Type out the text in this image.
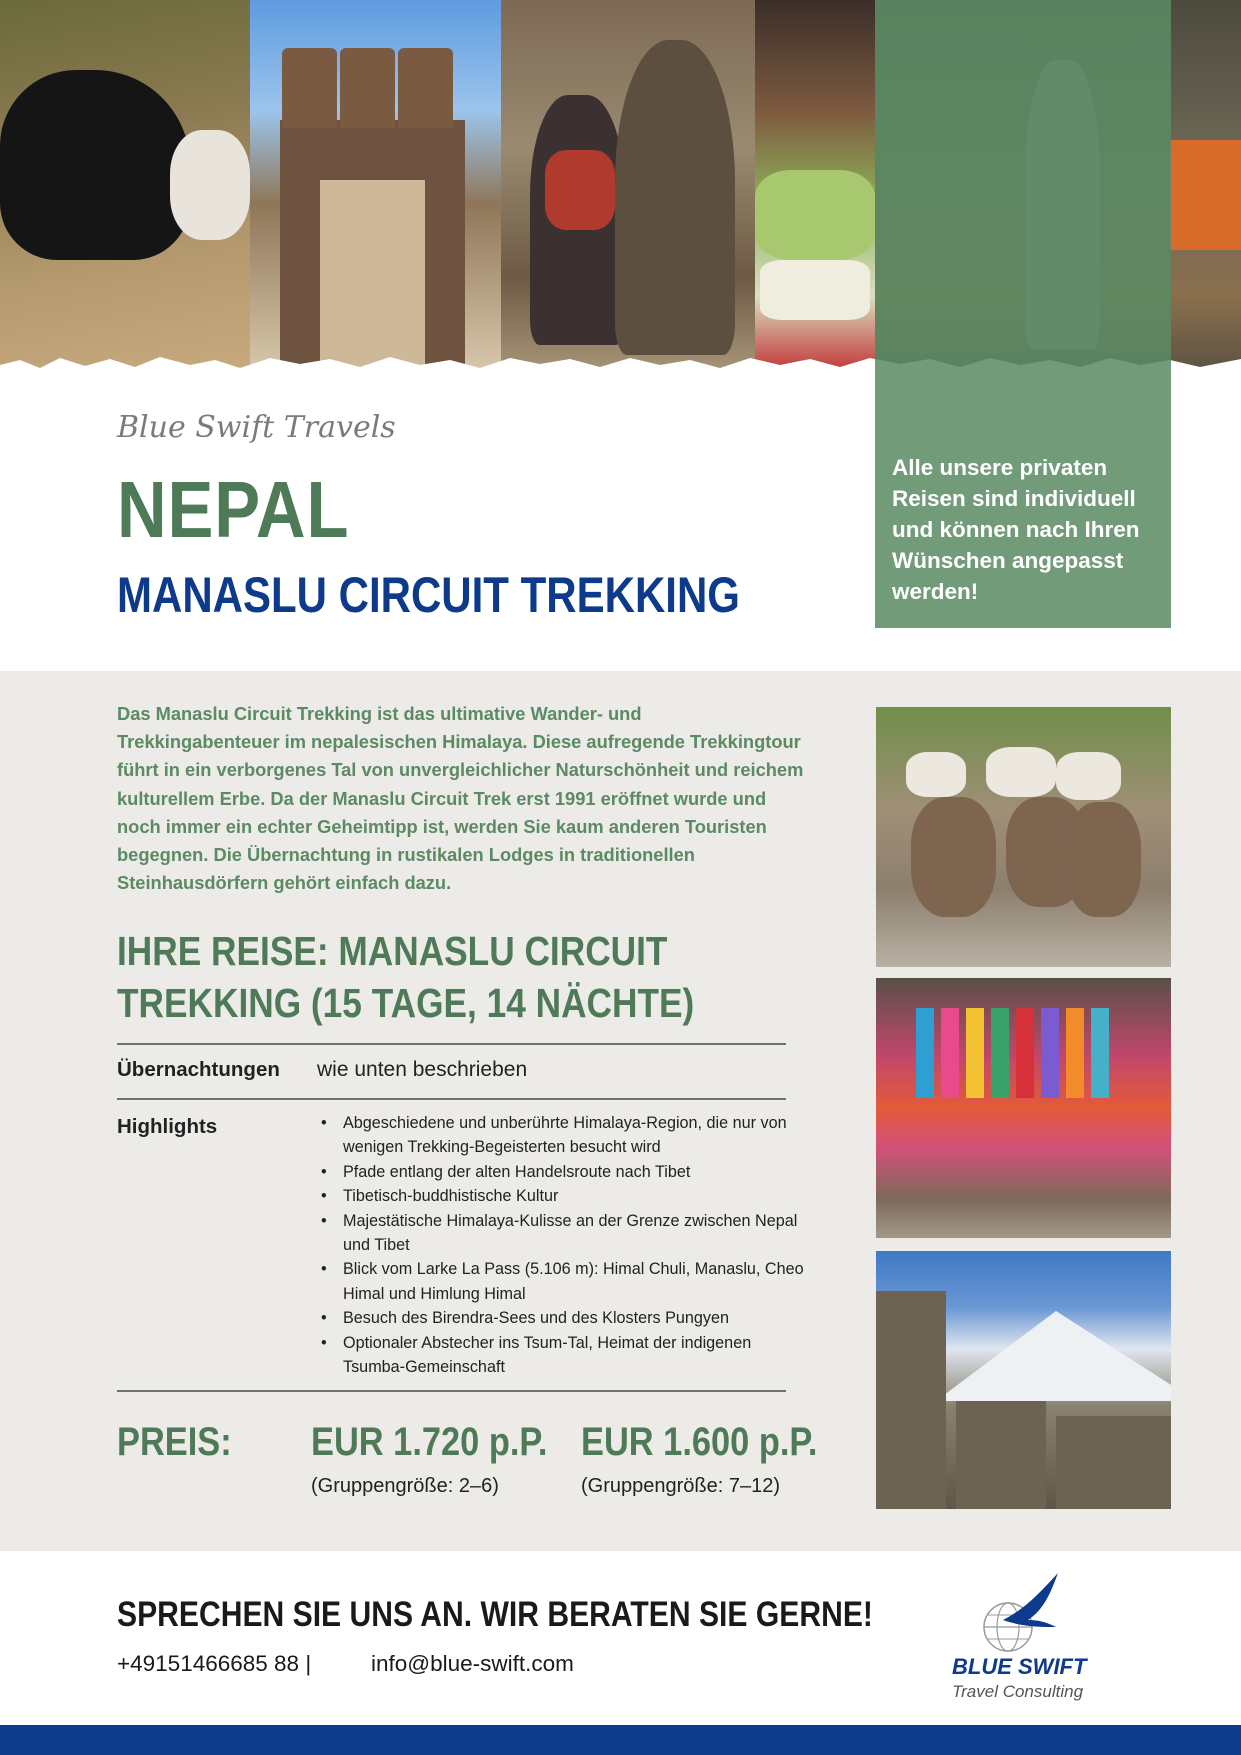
Alle unsere privaten Reisen sind individuell und können nach Ihren Wünschen angepasst werden!
Blue Swift Travels
NEPAL
MANASLU CIRCUIT TREKKING

Das Manaslu Circuit Trekking ist das ultimative Wander- und Trekkingabenteuer im nepalesischen Himalaya. Diese aufregende Trekkingtour führt in ein verborgenes Tal von unvergleichlicher Naturschönheit und reichem kulturellem Erbe. Da der Manaslu Circuit Trek erst 1991 eröffnet wurde und noch immer ein echter Geheimtipp ist, werden Sie kaum anderen Touristen begegnen. Die Übernachtung in rustikalen Lodges in traditionellen Steinhausdörfern gehört einfach dazu.

IHRE REISE: MANASLU CIRCUIT TREKKING (15 TAGE, 14 NÄCHTE)
Übernachtungen wie unten beschrieben
Highlights
•	Abgeschiedene und unberührte Himalaya-Region, die nur von wenigen Trekking-Begeisterten besucht wird
• Pfade entlang der alten Handelsroute nach Tibet
• Tibetisch-buddhistische Kultur
• Majestätische Himalaya-Kulisse an der Grenze zwischen Nepal und Tibet
• Blick vom Larke La Pass (5.106 m): Himal Chuli, Manaslu, Cheo Himal und Himlung Himal
• Besuch des Birendra-Sees und des Klosters Pungyen
• Optionaler Abstecher ins Tsum-Tal, Heimat der indigenen Tsumba-Gemeinschaft
PREIS: EUR 1.720 p.P.
(Gruppengröße: 2–6)
EUR 1.600 p.P.
(Gruppengröße: 7–12)
SPRECHEN SIE UNS AN. WIR BERATEN SIE GERNE!
+49151466685 88 |	info@blue-swift.com	BLUE SWIFT
Travel Consulting
